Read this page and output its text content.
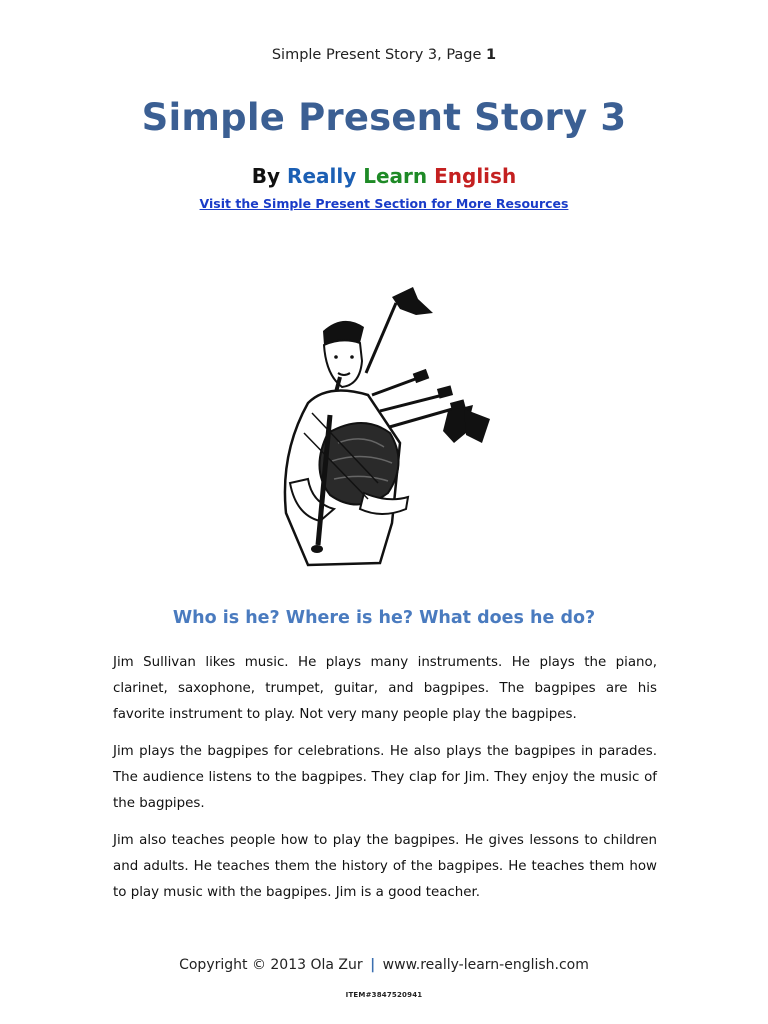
Simple Present Story 3, Page 1
Simple Present Story 3
By Really Learn English
Visit the Simple Present Section for More Resources
Who is he? Where is he? What does he do?
Jim Sullivan likes music. He plays many instruments. He plays the piano, clarinet, saxophone, trumpet, guitar, and bagpipes. The bagpipes are his favorite instrument to play. Not very many people play the bagpipes.
Jim plays the bagpipes for celebrations. He also plays the bagpipes in parades. The audience listens to the bagpipes. They clap for Jim. They enjoy the music of the bagpipes.
Jim also teaches people how to play the bagpipes. He gives lessons to children and adults. He teaches them the history of the bagpipes. He teaches them how to play music with the bagpipes. Jim is a good teacher.
Copyright © 2013 Ola Zur | www.really-learn-english.com
ITEM#3847520941
